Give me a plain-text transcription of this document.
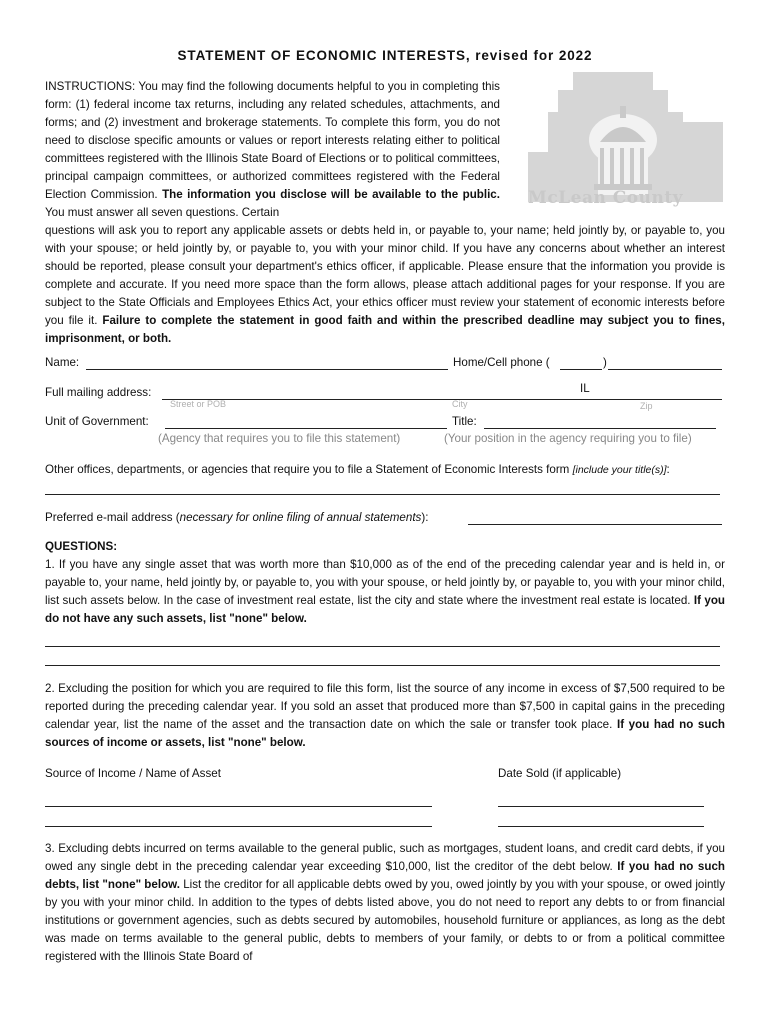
STATEMENT OF ECONOMIC INTERESTS, revised for 2022
McLean County
INSTRUCTIONS: You may find the following documents helpful to you in completing this form: (1) federal income tax returns, including any related schedules, attachments, and forms; and (2) investment and brokerage statements. To complete this form, you do not need to disclose specific amounts or values or report interests relating either to political committees registered with the Illinois State Board of Elections or to political committees, principal campaign committees, or authorized committees registered with the Federal Election Commission. The information you disclose will be available to the public. You must answer all seven questions. Certain
questions will ask you to report any applicable assets or debts held in, or payable to, your name; held jointly by, or payable to, you with your spouse; or held jointly by, or payable to, you with your minor child. If you have any concerns about whether an interest should be reported, please consult your department's ethics officer, if applicable. Please ensure that the information you provide is complete and accurate. If you need more space than the form allows, please attach additional pages for your response. If you are subject to the State Officials and Employees Ethics Act, your ethics officer must review your statement of economic interests before you file it. Failure to complete the statement in good faith and within the prescribed deadline may subject you to fines, imprisonment, or both.
Name:	Home/Cell phone (	)
Full mailing address:	IL
Street or POB	City	Zip
Unit of Government:	Title:
(Agency that requires you to file this statement)	(Your position in the agency requiring you to file)
Other offices, departments, or agencies that require you to file a Statement of Economic Interests form [include your title(s)]:
Preferred e-mail address (necessary for online filing of annual statements):
QUESTIONS:
1. If you have any single asset that was worth more than $10,000 as of the end of the preceding calendar year and is held in, or payable to, your name, held jointly by, or payable to, you with your spouse, or held jointly by, or payable to, you with your minor child, list such assets below. In the case of investment real estate, list the city and state where the investment real estate is located. If you do not have any such assets, list "none" below.
2. Excluding the position for which you are required to file this form, list the source of any income in excess of $7,500 required to be reported during the preceding calendar year. If you sold an asset that produced more than $7,500 in capital gains in the preceding calendar year, list the name of the asset and the transaction date on which the sale or transfer took place. If you had no such sources of income or assets, list "none" below.
Source of Income / Name of Asset	Date Sold (if applicable)
3. Excluding debts incurred on terms available to the general public, such as mortgages, student loans, and credit card debts, if you owed any single debt in the preceding calendar year exceeding $10,000, list the creditor of the debt below. If you had no such debts, list "none" below. List the creditor for all applicable debts owed by you, owed jointly by you with your spouse, or owed jointly by you with your minor child. In addition to the types of debts listed above, you do not need to report any debts to or from financial institutions or government agencies, such as debts secured by automobiles, household furniture or appliances, as long as the debt was made on terms available to the general public, debts to members of your family, or debts to or from a political committee registered with the Illinois State Board of
